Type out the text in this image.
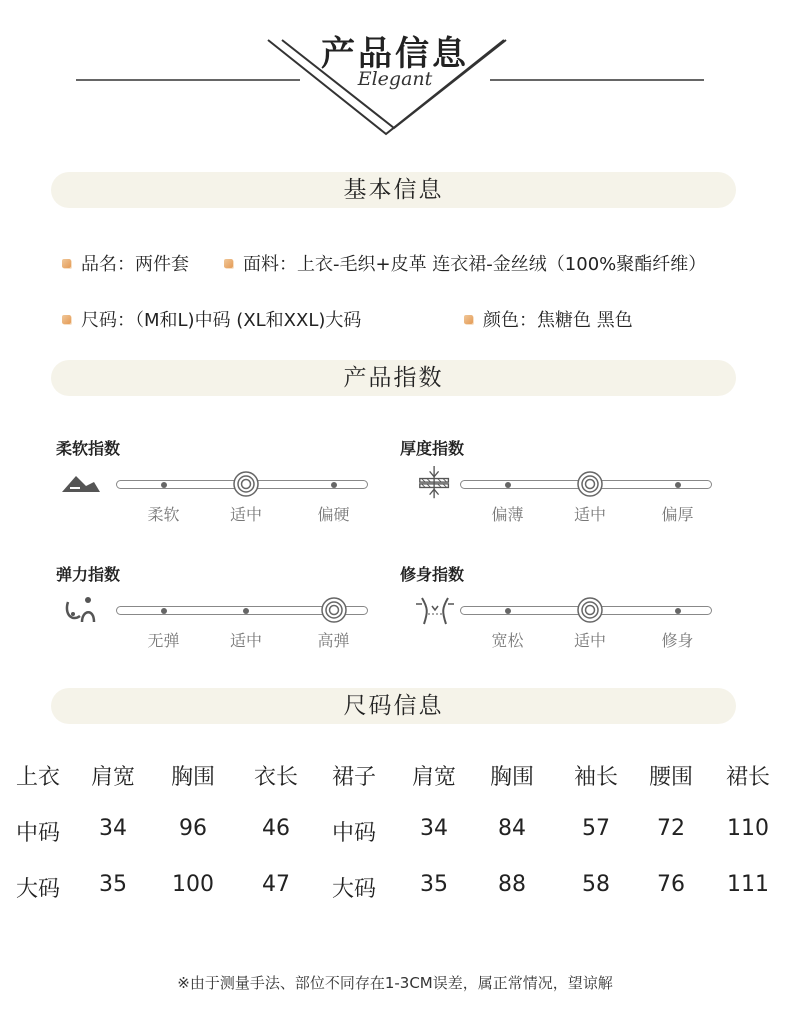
产品信息
Elegant
基本信息
品名：两件套	面料：上衣-毛织+皮革 连衣裙-金丝绒（100%聚酯纤维）
尺码：（M和L)中码 (XL和XXL)大码	颜色：焦糖色 黑色
产品指数
柔软指数
柔软	适中	偏硬
厚度指数
偏薄	适中	偏厚
弹力指数
无弹	适中	高弹
修身指数
宽松	适中	修身
尺码信息
上衣	肩宽	胸围	衣长	裙子	肩宽	胸围	袖长	腰围	裙长
中码	34	96	46	中码	34	84	57	72	110
大码	35	100	47	大码	35	88	58	76	111
※由于测量手法、部位不同存在1-3CM误差，属正常情况，望谅解
